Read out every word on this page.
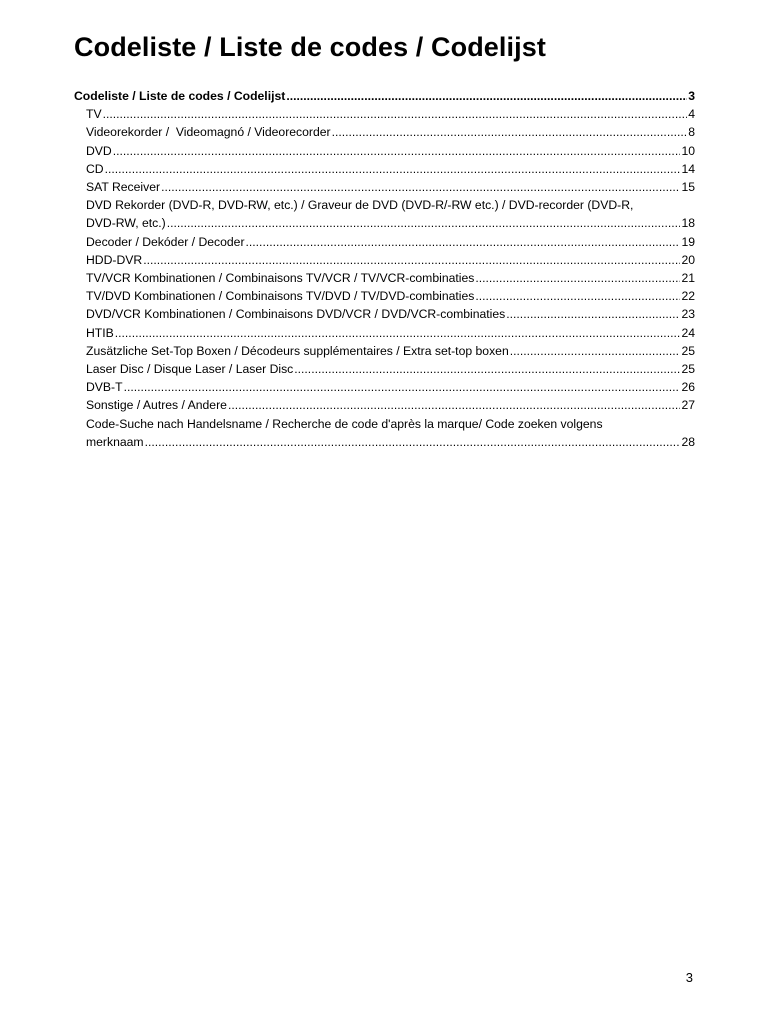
Codeliste / Liste de codes / Codelijst
Codeliste / Liste de codes / Codelijst .....	3
TV .....	4
Videorekorder /  Videomagnó / Videorecorder .....	8
DVD .....	10
CD .....	14
SAT Receiver .....	15
DVD Rekorder (DVD-R, DVD-RW, etc.) / Graveur de DVD (DVD-R/-RW etc.) / DVD-recorder (DVD-R,
DVD-RW, etc.) .....	18
Decoder / Dekóder / Decoder .....	19
HDD-DVR .....	20
TV/VCR Kombinationen / Combinaisons TV/VCR / TV/VCR-combinaties .....	21
TV/DVD Kombinationen / Combinaisons TV/DVD / TV/DVD-combinaties .....	22
DVD/VCR Kombinationen / Combinaisons DVD/VCR / DVD/VCR-combinaties .....	23
HTIB .....	24
Zusätzliche Set-Top Boxen / Décodeurs supplémentaires / Extra set-top boxen .....	25
Laser Disc / Disque Laser / Laser Disc .....	25
DVB-T .....	26
Sonstige / Autres / Andere .....	27
Code-Suche nach Handelsname / Recherche de code d'après la marque/ Code zoeken volgens
merknaam .....	28
3
